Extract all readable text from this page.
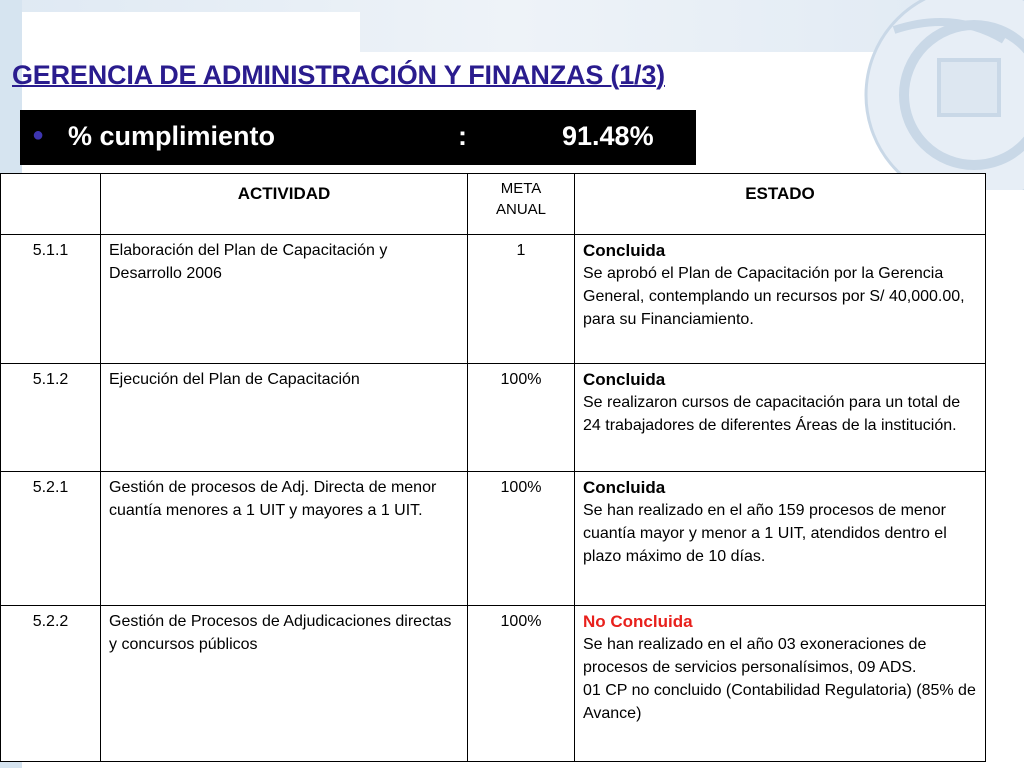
GERENCIA DE ADMINISTRACIÓN Y FINANZAS (1/3)
● % cumplimiento	:	91.48%
	ACTIVIDAD	META ANUAL	ESTADO
5.1.1	Elaboración del Plan de Capacitación y Desarrollo 2006	1	Concluida
Se aprobó el Plan de Capacitación por la Gerencia General, contemplando un recursos por S/ 40,000.00, para su Financiamiento.

5.1.2	Ejecución del Plan de Capacitación	100%	Concluida
Se realizaron cursos de capacitación para un total de 24 trabajadores de diferentes Áreas de la institución.

5.2.1	Gestión de procesos de Adj. Directa de menor cuantía menores a 1 UIT y mayores a 1 UIT.	100%	Concluida
Se han realizado en el año 159 procesos de menor cuantía mayor y menor a 1 UIT, atendidos dentro el plazo máximo de 10 días.

5.2.2	Gestión de Procesos de Adjudicaciones directas y concursos públicos	100%	No Concluida
Se han realizado en el año 03 exoneraciones de procesos de servicios personalísimos, 09 ADS.
01 CP no concluido (Contabilidad Regulatoria) (85% de Avance)
